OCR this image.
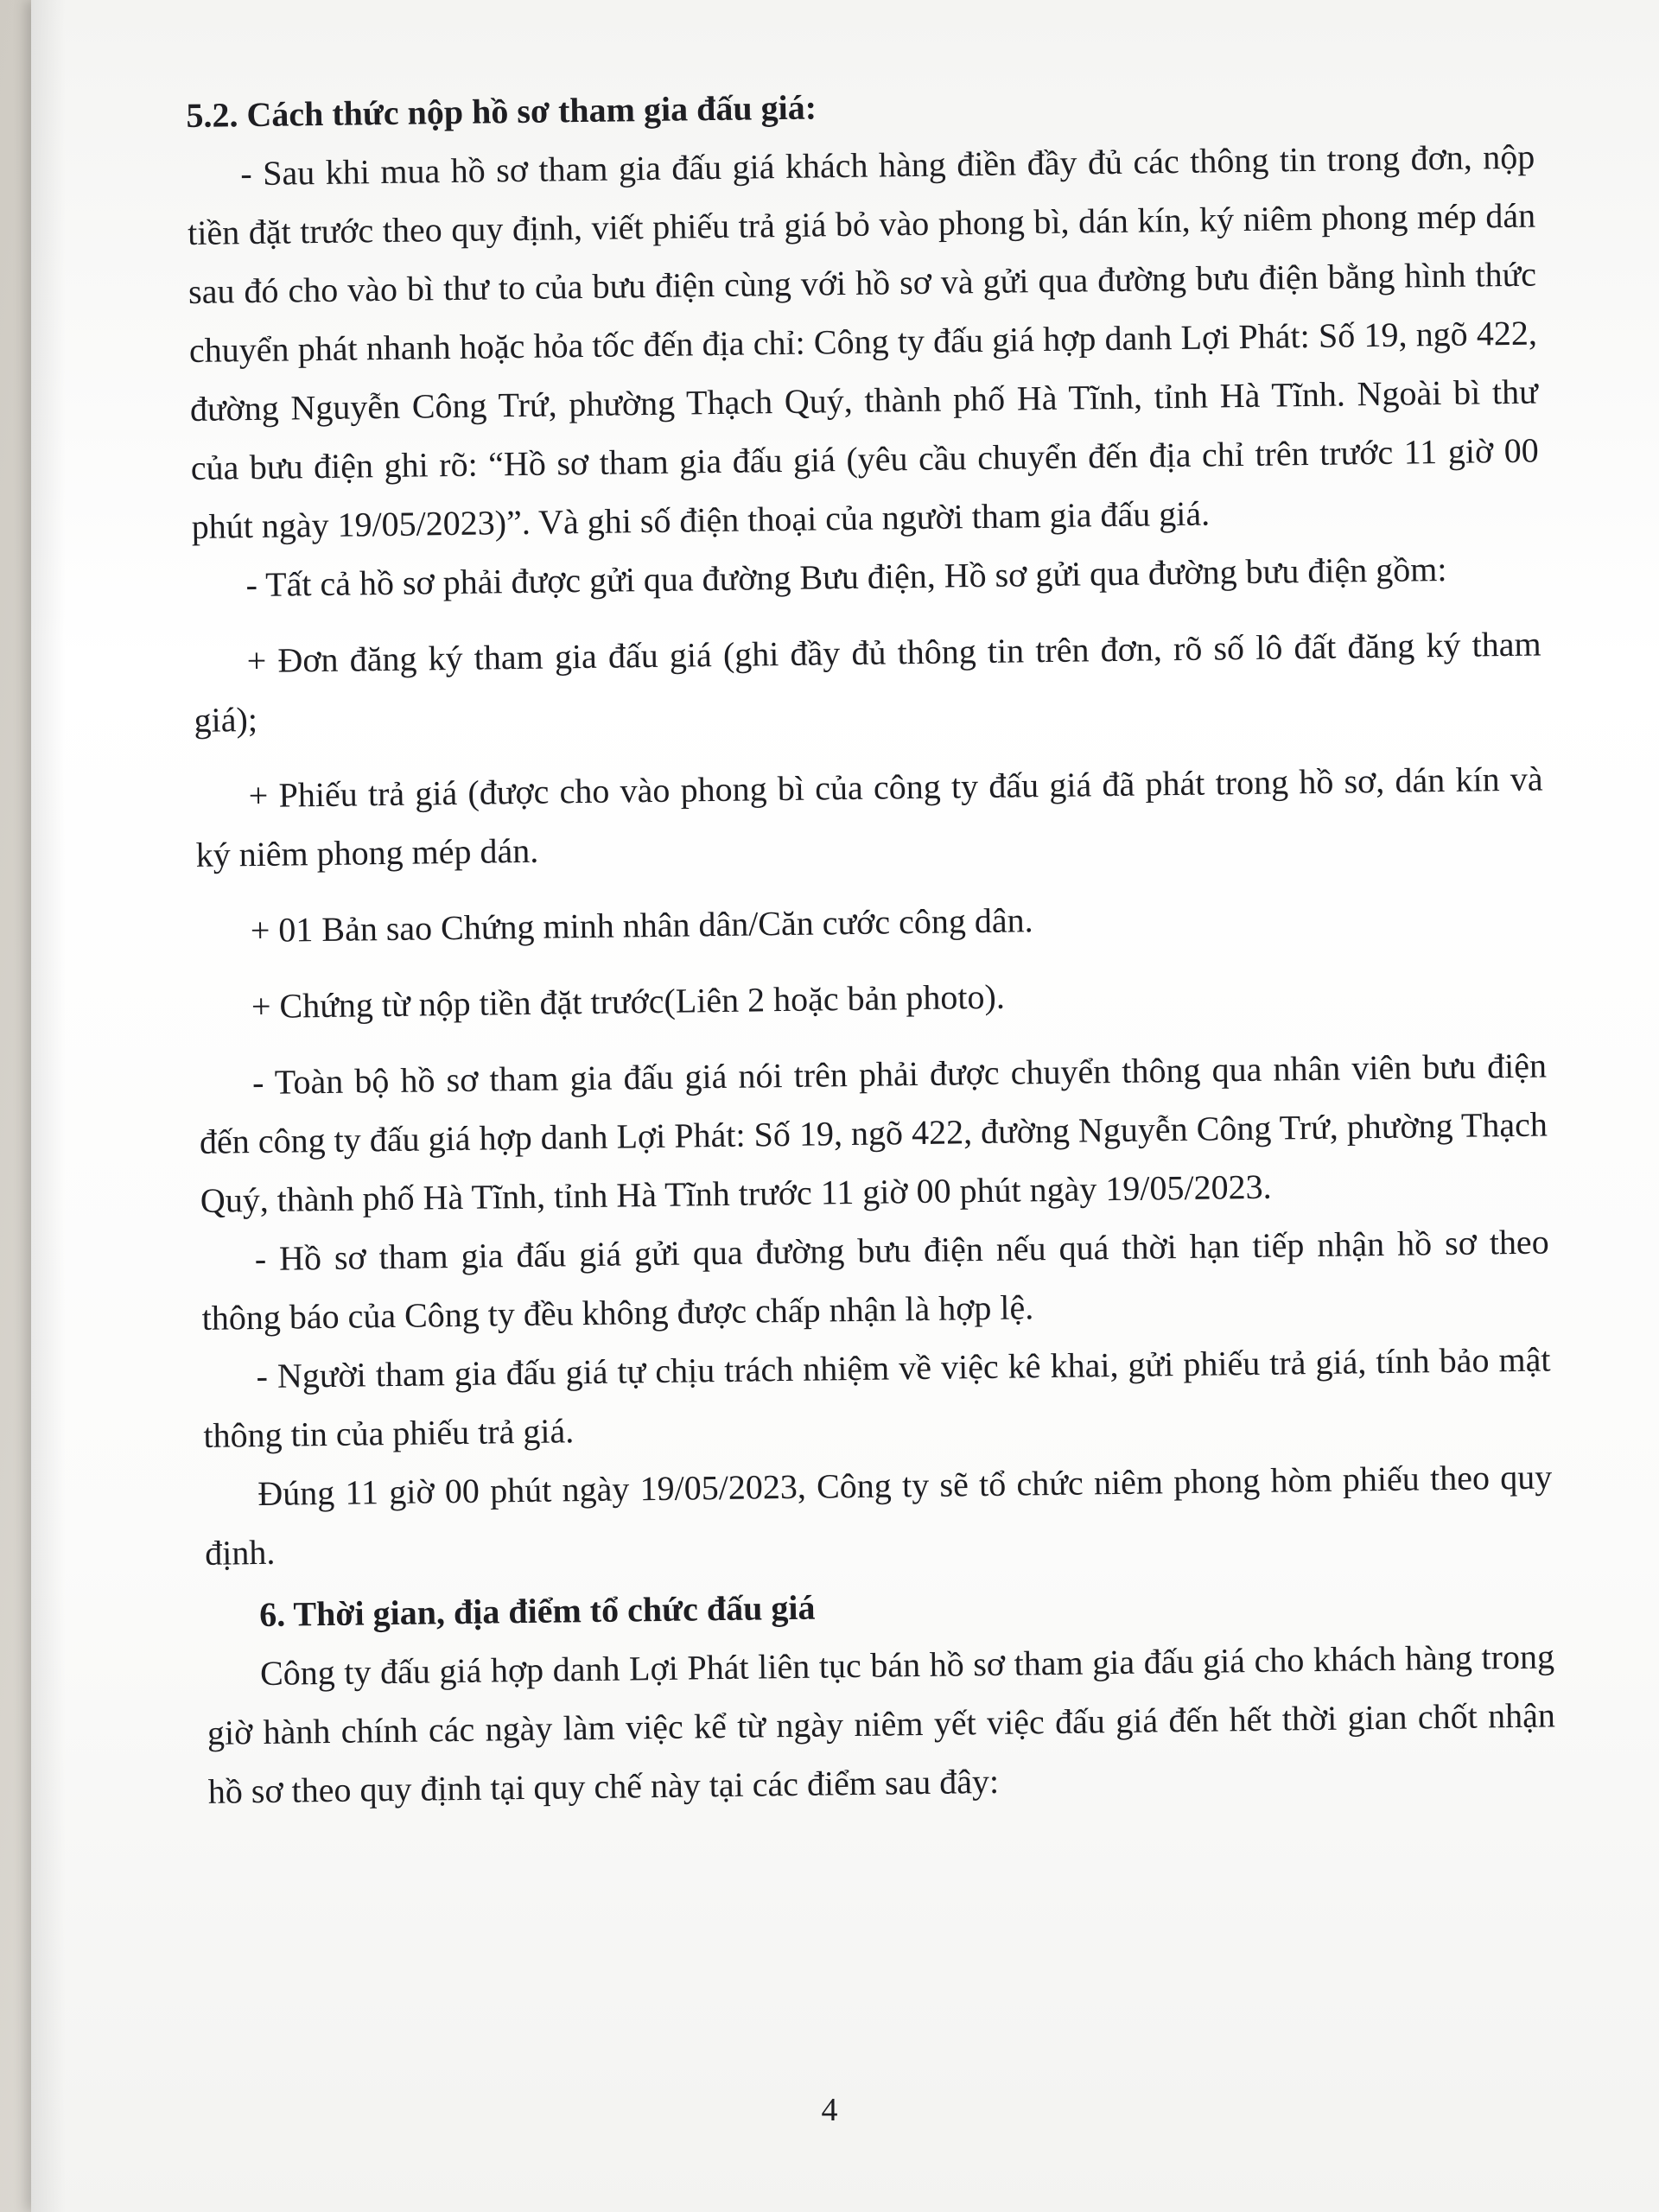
5.2. Cách thức nộp hồ sơ tham gia đấu giá:

- Sau khi mua hồ sơ tham gia đấu giá khách hàng điền đầy đủ các thông tin trong đơn, nộp tiền đặt trước theo quy định, viết phiếu trả giá bỏ vào phong bì, dán kín, ký niêm phong mép dán sau đó cho vào bì thư to của bưu điện cùng với hồ sơ và gửi qua đường bưu điện bằng hình thức chuyển phát nhanh hoặc hỏa tốc đến địa chỉ: Công ty đấu giá hợp danh Lợi Phát: Số 19, ngõ 422, đường Nguyễn Công Trứ, phường Thạch Quý, thành phố Hà Tĩnh, tỉnh Hà Tĩnh. Ngoài bì thư của bưu điện ghi rõ: “Hồ sơ tham gia đấu giá (yêu cầu chuyển đến địa chỉ trên trước 11 giờ 00 phút ngày 19/05/2023)”. Và ghi số điện thoại của người tham gia đấu giá.

- Tất cả hồ sơ phải được gửi qua đường Bưu điện, Hồ sơ gửi qua đường bưu điện gồm:

+ Đơn đăng ký tham gia đấu giá (ghi đầy đủ thông tin trên đơn, rõ số lô đất đăng ký tham giá);

+ Phiếu trả giá (được cho vào phong bì của công ty đấu giá đã phát trong hồ sơ, dán kín và ký niêm phong mép dán.

+ 01 Bản sao Chứng minh nhân dân/Căn cước công dân.

+ Chứng từ nộp tiền đặt trước(Liên 2 hoặc bản photo).

- Toàn bộ hồ sơ tham gia đấu giá nói trên phải được chuyển thông qua nhân viên bưu điện đến công ty đấu giá hợp danh Lợi Phát: Số 19, ngõ 422, đường Nguyễn Công Trứ, phường Thạch Quý, thành phố Hà Tĩnh, tỉnh Hà Tĩnh trước 11 giờ 00 phút ngày 19/05/2023.

- Hồ sơ tham gia đấu giá gửi qua đường bưu điện nếu quá thời hạn tiếp nhận hồ sơ theo thông báo của Công ty đều không được chấp nhận là hợp lệ.

- Người tham gia đấu giá tự chịu trách nhiệm về việc kê khai, gửi phiếu trả giá, tính bảo mật thông tin của phiếu trả giá.

Đúng 11 giờ 00 phút ngày 19/05/2023, Công ty sẽ tổ chức niêm phong hòm phiếu theo quy định.

6. Thời gian, địa điểm tổ chức đấu giá

Công ty đấu giá hợp danh Lợi Phát liên tục bán hồ sơ tham gia đấu giá cho khách hàng trong giờ hành chính các ngày làm việc kể từ ngày niêm yết việc đấu giá đến hết thời gian chốt nhận hồ sơ theo quy định tại quy chế này tại các điểm sau đây:

4
